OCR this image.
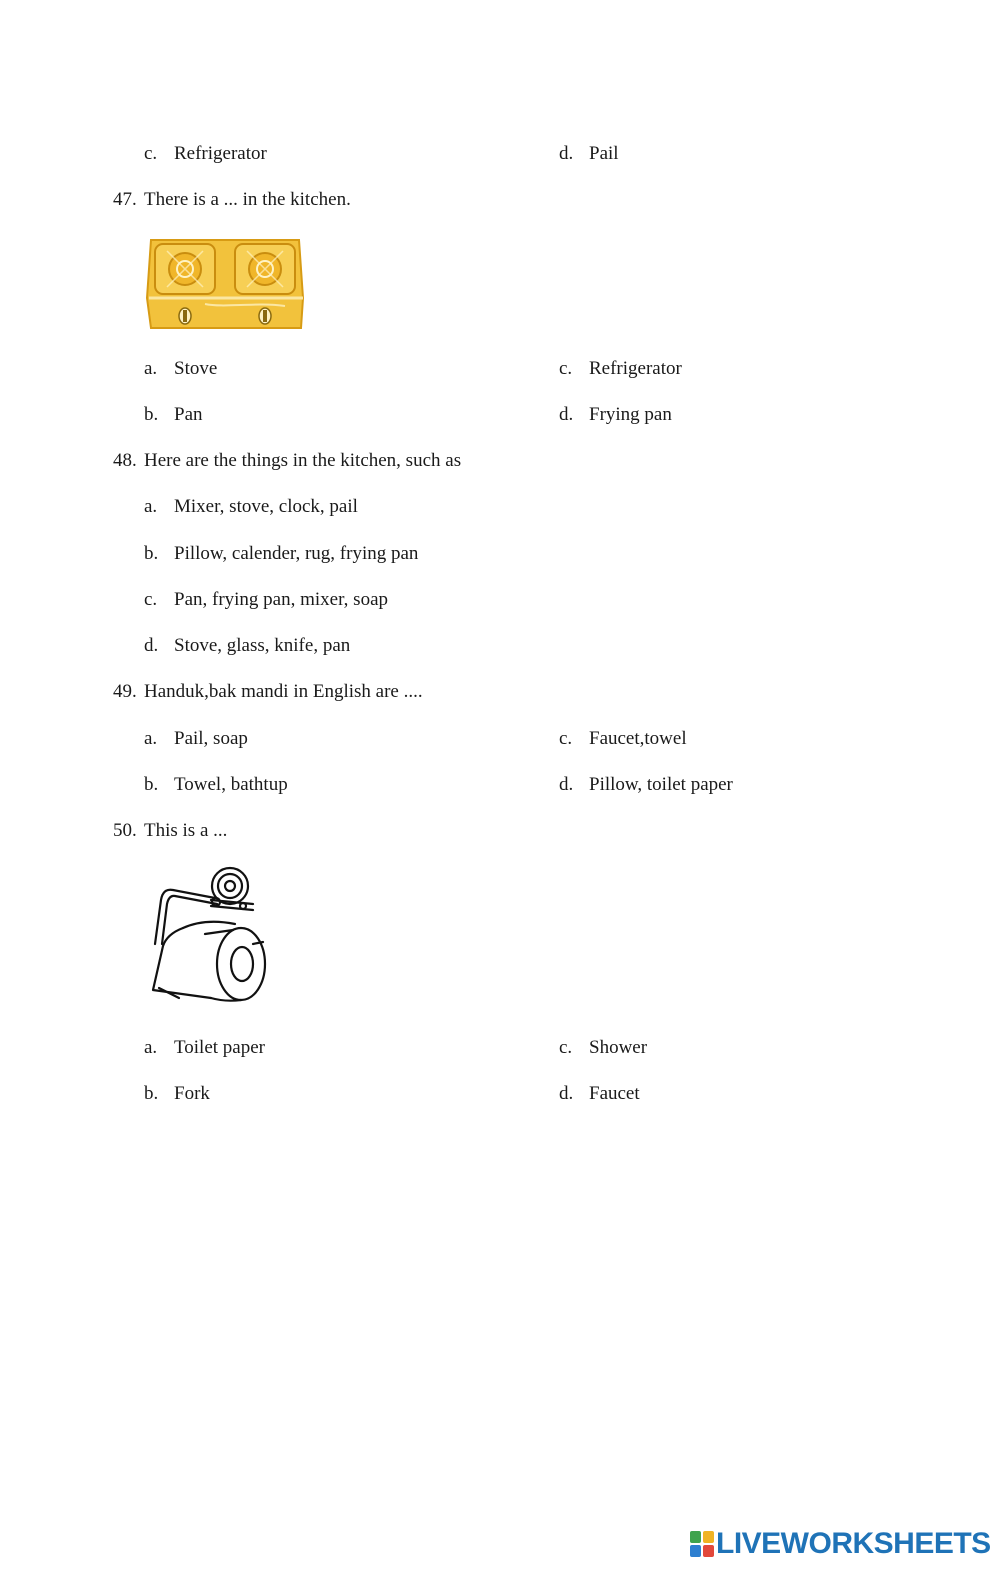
c. Refrigerator	d. Pail
47. There is a ... in the kitchen.
a. Stove	c. Refrigerator
b. Pan	d. Frying pan
48. Here are the things in the kitchen, such as
a. Mixer, stove, clock, pail
b. Pillow, calender, rug, frying pan
c. Pan, frying pan, mixer, soap
d. Stove, glass, knife, pan
49. Handuk,bak mandi in English are ....
a. Pail, soap	c. Faucet,towel
b. Towel, bathtup	d. Pillow, toilet paper
50. This is a ...
a. Toilet paper	c. Shower
b. Fork	d. Faucet
LIVEWORKSHEETS
